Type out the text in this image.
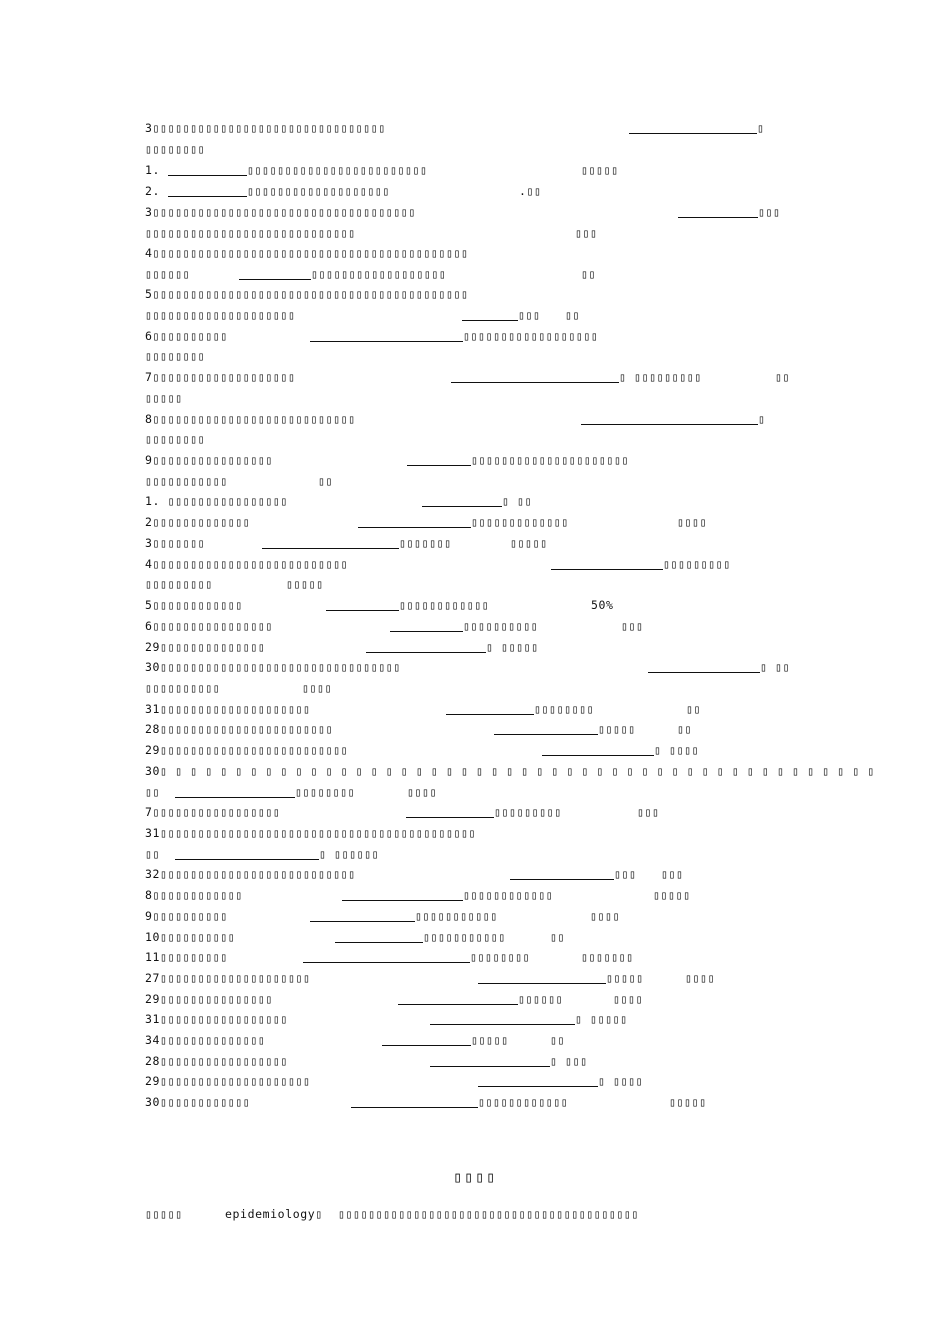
3▯▯▯▯▯▯▯▯▯▯▯▯▯▯▯▯▯▯▯▯▯▯▯▯▯▯▯▯▯▯▯	▯
▯▯▯▯▯▯▯▯
1.	▯▯▯▯▯▯▯▯▯▯▯▯▯▯▯▯▯▯▯▯▯▯▯▯	▯▯▯▯▯
2.	▯▯▯▯▯▯▯▯▯▯▯▯▯▯▯▯▯▯▯	.▯▯
3▯▯▯▯▯▯▯▯▯▯▯▯▯▯▯▯▯▯▯▯▯▯▯▯▯▯▯▯▯▯▯▯▯▯▯	▯▯▯
▯▯▯▯▯▯▯▯▯▯▯▯▯▯▯▯▯▯▯▯▯▯▯▯▯▯▯▯	▯▯▯
4▯▯▯▯▯▯▯▯▯▯▯▯▯▯▯▯▯▯▯▯▯▯▯▯▯▯▯▯▯▯▯▯▯▯▯▯▯▯▯▯▯▯
▯▯▯▯▯▯	▯▯▯▯▯▯▯▯▯▯▯▯▯▯▯▯▯▯	▯▯
5▯▯▯▯▯▯▯▯▯▯▯▯▯▯▯▯▯▯▯▯▯▯▯▯▯▯▯▯▯▯▯▯▯▯▯▯▯▯▯▯▯▯
▯▯▯▯▯▯▯▯▯▯▯▯▯▯▯▯▯▯▯▯	▯▯▯ ▯▯
6▯▯▯▯▯▯▯▯▯▯	▯▯▯▯▯▯▯▯▯▯▯▯▯▯▯▯▯▯
▯▯▯▯▯▯▯▯
7▯▯▯▯▯▯▯▯▯▯▯▯▯▯▯▯▯▯▯	▯ ▯▯▯▯▯▯▯▯▯	▯▯
▯▯▯▯▯
8▯▯▯▯▯▯▯▯▯▯▯▯▯▯▯▯▯▯▯▯▯▯▯▯▯▯▯	▯
▯▯▯▯▯▯▯▯
9▯▯▯▯▯▯▯▯▯▯▯▯▯▯▯▯	▯▯▯▯▯▯▯▯▯▯▯▯▯▯▯▯▯▯▯▯▯
▯▯▯▯▯▯▯▯▯▯▯	▯▯
1. ▯▯▯▯▯▯▯▯▯▯▯▯▯▯▯▯	▯ ▯▯
2▯▯▯▯▯▯▯▯▯▯▯▯▯	▯▯▯▯▯▯▯▯▯▯▯▯▯	▯▯▯▯
3▯▯▯▯▯▯▯	▯▯▯▯▯▯▯	▯▯▯▯▯
4▯▯▯▯▯▯▯▯▯▯▯▯▯▯▯▯▯▯▯▯▯▯▯▯▯▯	▯▯▯▯▯▯▯▯▯
▯▯▯▯▯▯▯▯▯	▯▯▯▯▯
5▯▯▯▯▯▯▯▯▯▯▯▯	▯▯▯▯▯▯▯▯▯▯▯▯	50%
6▯▯▯▯▯▯▯▯▯▯▯▯▯▯▯▯	▯▯▯▯▯▯▯▯▯▯	▯▯▯
29▯▯▯▯▯▯▯▯▯▯▯▯▯▯	▯ ▯▯▯▯▯
30▯▯▯▯▯▯▯▯▯▯▯▯▯▯▯▯▯▯▯▯▯▯▯▯▯▯▯▯▯▯▯▯	▯ ▯▯
▯▯▯▯▯▯▯▯▯▯	▯▯▯▯
31▯▯▯▯▯▯▯▯▯▯▯▯▯▯▯▯▯▯▯▯	▯▯▯▯▯▯▯▯	▯▯
28▯▯▯▯▯▯▯▯▯▯▯▯▯▯▯▯▯▯▯▯▯▯▯	▯▯▯▯▯	▯▯
29▯▯▯▯▯▯▯▯▯▯▯▯▯▯▯▯▯▯▯▯▯▯▯▯▯	▯ ▯▯▯▯
30▯ ▯ ▯ ▯ ▯ ▯ ▯ ▯ ▯ ▯ ▯ ▯ ▯ ▯ ▯ ▯ ▯ ▯ ▯ ▯ ▯ ▯ ▯ ▯ ▯ ▯ ▯ ▯ ▯ ▯ ▯ ▯ ▯ ▯ ▯ ▯ ▯ ▯ ▯ ▯ ▯ ▯ ▯ ▯ ▯ ▯ ▯ ▯
▯▯	▯▯▯▯▯▯▯▯	▯▯▯▯
7▯▯▯▯▯▯▯▯▯▯▯▯▯▯▯▯▯	▯▯▯▯▯▯▯▯▯	▯▯▯
31▯▯▯▯▯▯▯▯▯▯▯▯▯▯▯▯▯▯▯▯▯▯▯▯▯▯▯▯▯▯▯▯▯▯▯▯▯▯▯▯▯▯
▯▯	▯ ▯▯▯▯▯▯
32▯▯▯▯▯▯▯▯▯▯▯▯▯▯▯▯▯▯▯▯▯▯▯▯▯▯	▯▯▯ ▯▯▯
8▯▯▯▯▯▯▯▯▯▯▯▯	▯▯▯▯▯▯▯▯▯▯▯▯	▯▯▯▯▯
9▯▯▯▯▯▯▯▯▯▯	▯▯▯▯▯▯▯▯▯▯▯	▯▯▯▯
10▯▯▯▯▯▯▯▯▯▯	▯▯▯▯▯▯▯▯▯▯▯	▯▯
11▯▯▯▯▯▯▯▯▯	▯▯▯▯▯▯▯▯	▯▯▯▯▯▯▯
27▯▯▯▯▯▯▯▯▯▯▯▯▯▯▯▯▯▯▯▯	▯▯▯▯▯	▯▯▯▯
29▯▯▯▯▯▯▯▯▯▯▯▯▯▯▯	▯▯▯▯▯▯	▯▯▯▯
31▯▯▯▯▯▯▯▯▯▯▯▯▯▯▯▯▯	▯ ▯▯▯▯▯
34▯▯▯▯▯▯▯▯▯▯▯▯▯▯	▯▯▯▯▯	▯▯
28▯▯▯▯▯▯▯▯▯▯▯▯▯▯▯▯▯	▯ ▯▯▯
29▯▯▯▯▯▯▯▯▯▯▯▯▯▯▯▯▯▯▯▯	▯ ▯▯▯▯
30▯▯▯▯▯▯▯▯▯▯▯▯	▯▯▯▯▯▯▯▯▯▯▯▯	▯▯▯▯▯
▯▯▯▯

▯▯▯▯▯

	epidemiology▯

▯▯▯▯▯▯▯▯▯▯▯▯▯▯▯▯▯▯▯▯▯▯▯▯▯▯▯▯▯▯▯▯▯▯▯▯▯▯▯▯
